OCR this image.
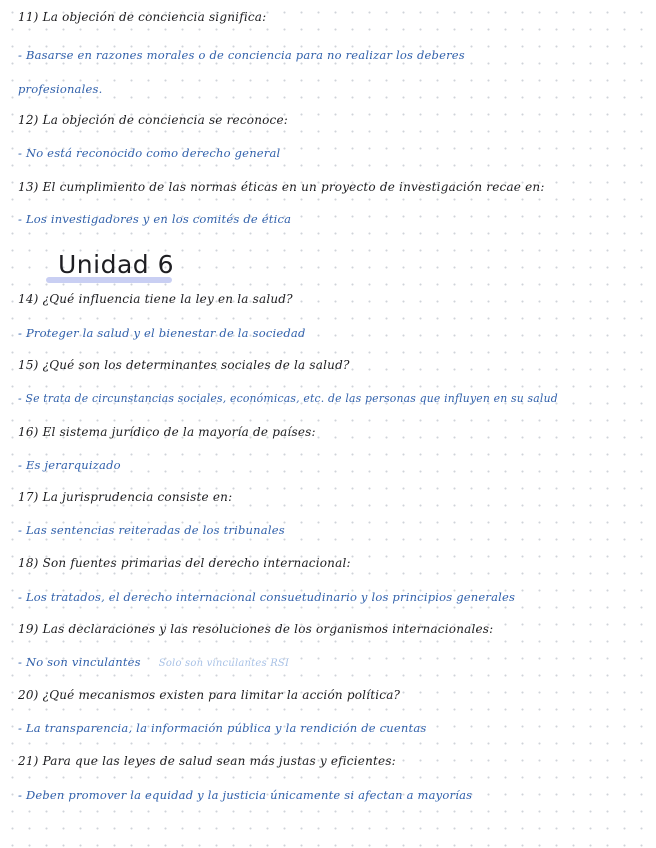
11) La objeción de conciencia significa:
- Basarse en razones morales o de conciencia para no realizar los deberes
profesionales.
12) La objeción de conciencia se reconoce:
- No está reconocido como derecho general
13) El cumplimiento de las normas éticas en un proyecto de investigación recae en:
- Los investigadores y en los comités de ética
Unidad 6
14) ¿Qué influencia tiene la ley en la salud?
- Proteger la salud y el bienestar de la sociedad
15) ¿Qué son los determinantes sociales de la salud?
- Se trata de circunstancias sociales, económicas, etc. de las personas que influyen en su salud
16) El sistema jurídico de la mayoría de países:
- Es jerarquizado
17) La jurisprudencia consiste en:
- Las sentencias reiteradas de los tribunales
18) Son fuentes primarias del derecho internacional:
- Los tratados, el derecho internacional consuetudinario y los principios generales
19) Las declaraciones y las resoluciones de los organismos internacionales:
- No son vinculantes Solo son vinculantes RSI
20) ¿Qué mecanismos existen para limitar la acción política?
- La transparencia, la información pública y la rendición de cuentas
21) Para que las leyes de salud sean más justas y eficientes:
- Deben promover la equidad y la justicia únicamente si afectan a mayorías
